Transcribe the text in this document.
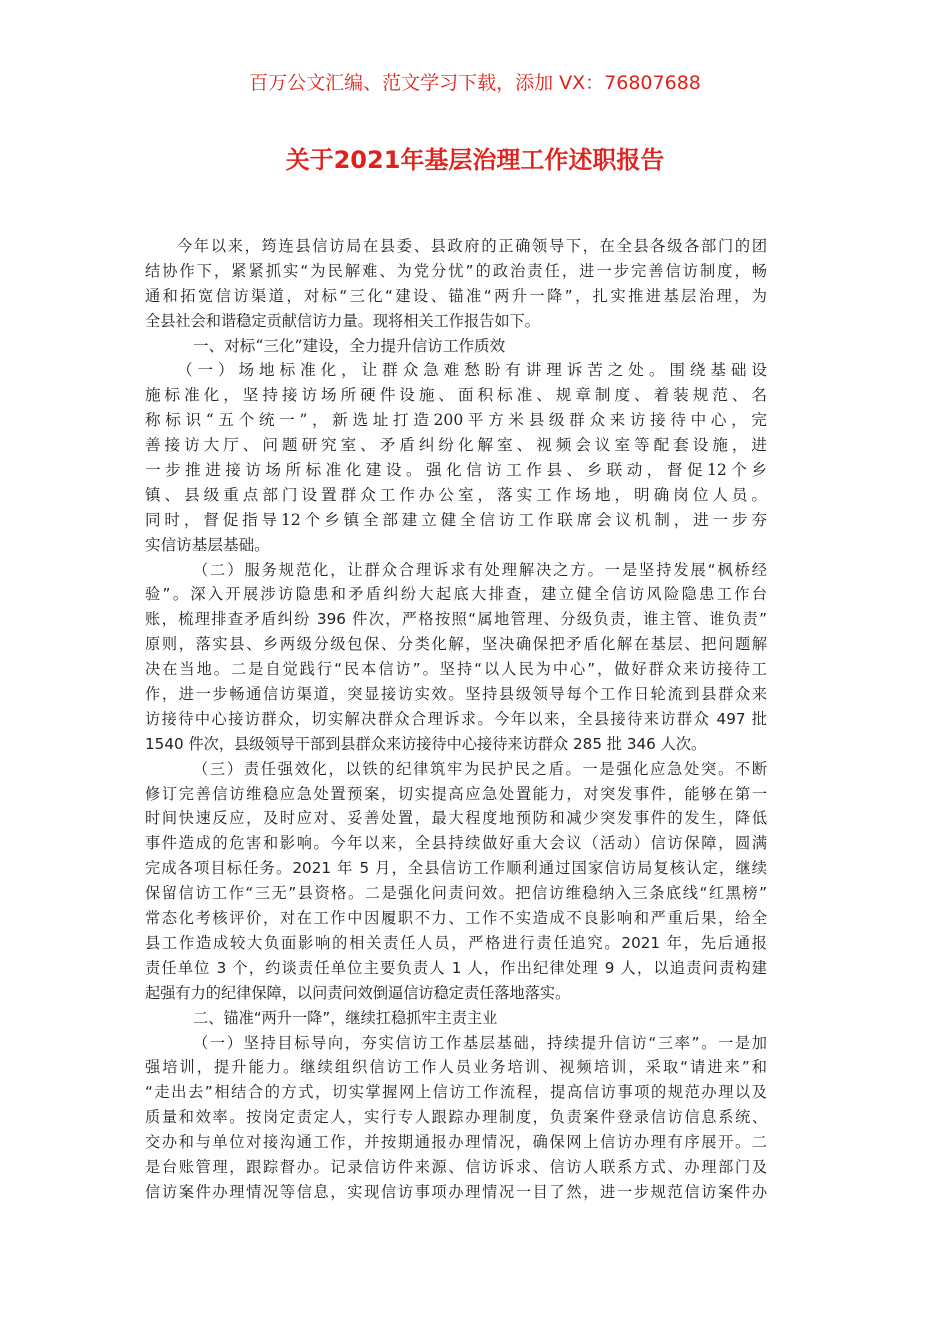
百万公文汇编、范文学习下载，添加 VX：76807688
关于2021年基层治理工作述职报告
今年以来，筠连县信访局在县委、县政府的正确领导下，在全县各级各部门的团
结协作下，紧紧抓实“为民解难、为党分忧”的政治责任，进一步完善信访制度，畅
通和拓宽信访渠道，对标“三化“建设、锚准“两升一降”，扎实推进基层治理，为
全县社会和谐稳定贡献信访力量。现将相关工作报告如下。
一、对标“三化”建设，全力提升信访工作质效
（一）场地标准化，让群众急难愁盼有讲理诉苦之处。围绕基础设
施标准化，坚持接访场所硬件设施、面积标准、规章制度、着装规范、名
称标识“五个统一”，新选址打造200平方米县级群众来访接待中心，完
善接访大厅、问题研究室、矛盾纠纷化解室、视频会议室等配套设施，进
一步推进接访场所标准化建设。强化信访工作县、乡联动，督促12个乡
镇、县级重点部门设置群众工作办公室，落实工作场地，明确岗位人员。
同时，督促指导12个乡镇全部建立健全信访工作联席会议机制，进一步夯
实信访基层基础。
（二）服务规范化，让群众合理诉求有处理解决之方。一是坚持发展“枫桥经
验”。深入开展涉访隐患和矛盾纠纷大起底大排查，建立健全信访风险隐患工作台
账，梳理排查矛盾纠纷 396 件次，严格按照“属地管理、分级负责，谁主管、谁负责”
原则，落实县、乡两级分级包保、分类化解，坚决确保把矛盾化解在基层、把问题解
决在当地。二是自觉践行“民本信访”。坚持“以人民为中心”，做好群众来访接待工
作，进一步畅通信访渠道，突显接访实效。坚持县级领导每个工作日轮流到县群众来
访接待中心接访群众，切实解决群众合理诉求。今年以来，全县接待来访群众 497 批
1540 件次，县级领导干部到县群众来访接待中心接待来访群众 285 批 346 人次。
（三）责任强效化，以铁的纪律筑牢为民护民之盾。一是强化应急处突。不断
修订完善信访维稳应急处置预案，切实提高应急处置能力，对突发事件，能够在第一
时间快速反应，及时应对、妥善处置，最大程度地预防和减少突发事件的发生，降低
事件造成的危害和影响。今年以来，全县持续做好重大会议（活动）信访保障，圆满
完成各项目标任务。2021 年 5 月，全县信访工作顺利通过国家信访局复核认定，继续
保留信访工作“三无”县资格。二是强化问责问效。把信访维稳纳入三条底线“红黑榜”
常态化考核评价，对在工作中因履职不力、工作不实造成不良影响和严重后果，给全
县工作造成较大负面影响的相关责任人员，严格进行责任追究。2021 年，先后通报
责任单位 3 个，约谈责任单位主要负责人 1 人，作出纪律处理 9 人，以追责问责构建
起强有力的纪律保障，以问责问效倒逼信访稳定责任落地落实。
二、锚准“两升一降”，继续扛稳抓牢主责主业
（一）坚持目标导向，夯实信访工作基层基础，持续提升信访“三率”。一是加
强培训，提升能力。继续组织信访工作人员业务培训、视频培训，采取“请进来”和
“走出去”相结合的方式，切实掌握网上信访工作流程，提高信访事项的规范办理以及
质量和效率。按岗定责定人，实行专人跟踪办理制度，负责案件登录信访信息系统、
交办和与单位对接沟通工作，并按期通报办理情况，确保网上信访办理有序展开。二
是台账管理，跟踪督办。记录信访件来源、信访诉求、信访人联系方式、办理部门及
信访案件办理情况等信息，实现信访事项办理情况一目了然，进一步规范信访案件办
